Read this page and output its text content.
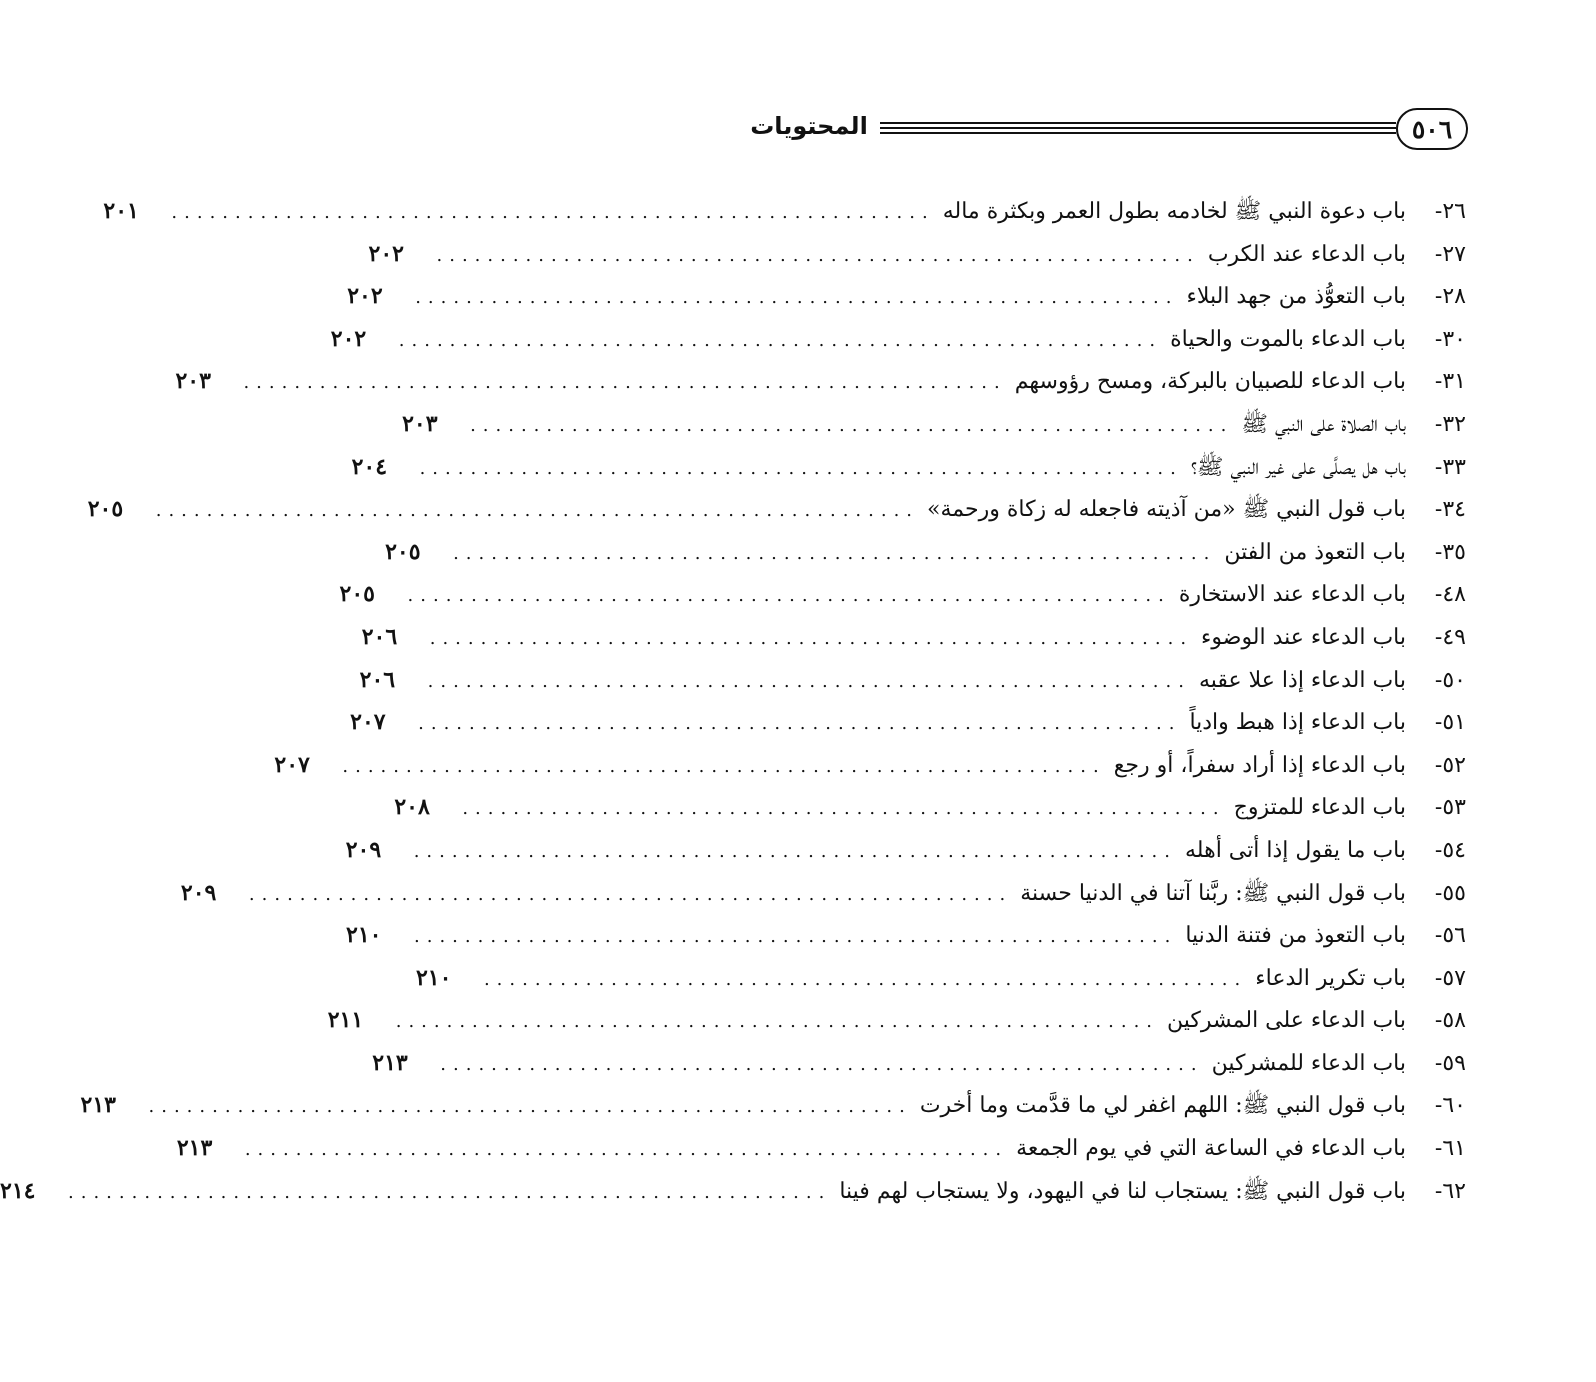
٥٠٦
المحتويات
٢٦-
باب دعوة النبي ﷺ لخادمه بطول العمر وبكثرة ماله
............................................................
٢٠١
٢٧-
باب الدعاء عند الكرب
............................................................
٢٠٢
٢٨-
باب التعوُّذ من جهد البلاء
............................................................
٢٠٢
٣٠-
باب الدعاء بالموت والحياة
............................................................
٢٠٢
٣١-
باب الدعاء للصبيان بالبركة، ومسح رؤوسهم
............................................................
٢٠٣
٣٢-
باب الصلاة على النبي ﷺ
............................................................
٢٠٣
٣٣-
باب هل يصلَّى على غير النبي ﷺ؟
............................................................
٢٠٤
٣٤-
باب قول النبي ﷺ «من آذيته فاجعله له زكاة ورحمة»
............................................................
٢٠٥
٣٥-
باب التعوذ من الفتن
............................................................
٢٠٥
٤٨-
باب الدعاء عند الاستخارة
............................................................
٢٠٥
٤٩-
باب الدعاء عند الوضوء
............................................................
٢٠٦
٥٠-
باب الدعاء إذا علا عقبه
............................................................
٢٠٦
٥١-
باب الدعاء إذا هبط وادياً
............................................................
٢٠٧
٥٢-
باب الدعاء إذا أراد سفراً، أو رجع
............................................................
٢٠٧
٥٣-
باب الدعاء للمتزوج
............................................................
٢٠٨
٥٤-
باب ما يقول إذا أتى أهله
............................................................
٢٠٩
٥٥-
باب قول النبي ﷺ: ربَّنا آتنا في الدنيا حسنة
............................................................
٢٠٩
٥٦-
باب التعوذ من فتنة الدنيا
............................................................
٢١٠
٥٧-
باب تكرير الدعاء
............................................................
٢١٠
٥٨-
باب الدعاء على المشركين
............................................................
٢١١
٥٩-
باب الدعاء للمشركين
............................................................
٢١٣
٦٠-
باب قول النبي ﷺ: اللهم اغفر لي ما قدَّمت وما أخرت
............................................................
٢١٣
٦١-
باب الدعاء في الساعة التي في يوم الجمعة
............................................................
٢١٣
٦٢-
باب قول النبي ﷺ: يستجاب لنا في اليهود، ولا يستجاب لهم فينا
............................................................
٢١٤
